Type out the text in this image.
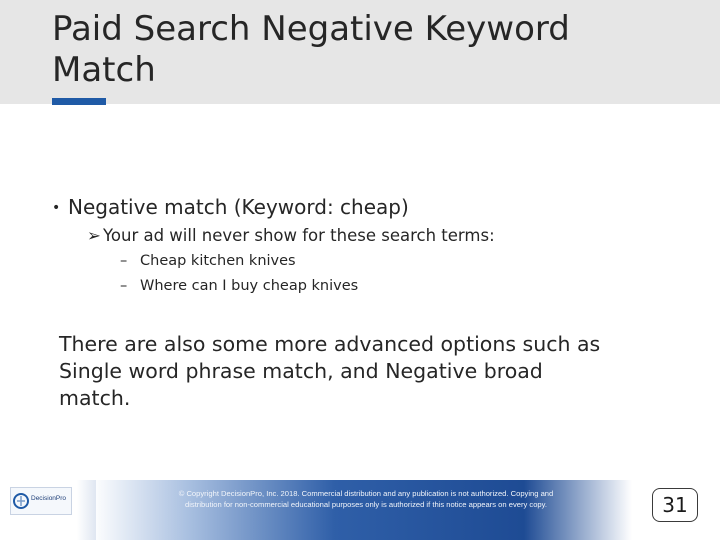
Paid Search Negative Keyword
Match
• Negative match (Keyword: cheap)
➢ Your ad will never show for these search terms:
– Cheap kitchen knives
– Where can I buy cheap knives

There are also some more advanced options such as
Single word phrase match, and Negative broad
match.

DecisionPro
© Copyright DecisionPro, Inc. 2018. Commercial distribution and any publication is not authorized. Copying and
distribution for non-commercial educational purposes only is authorized if this notice appears on every copy.	31
